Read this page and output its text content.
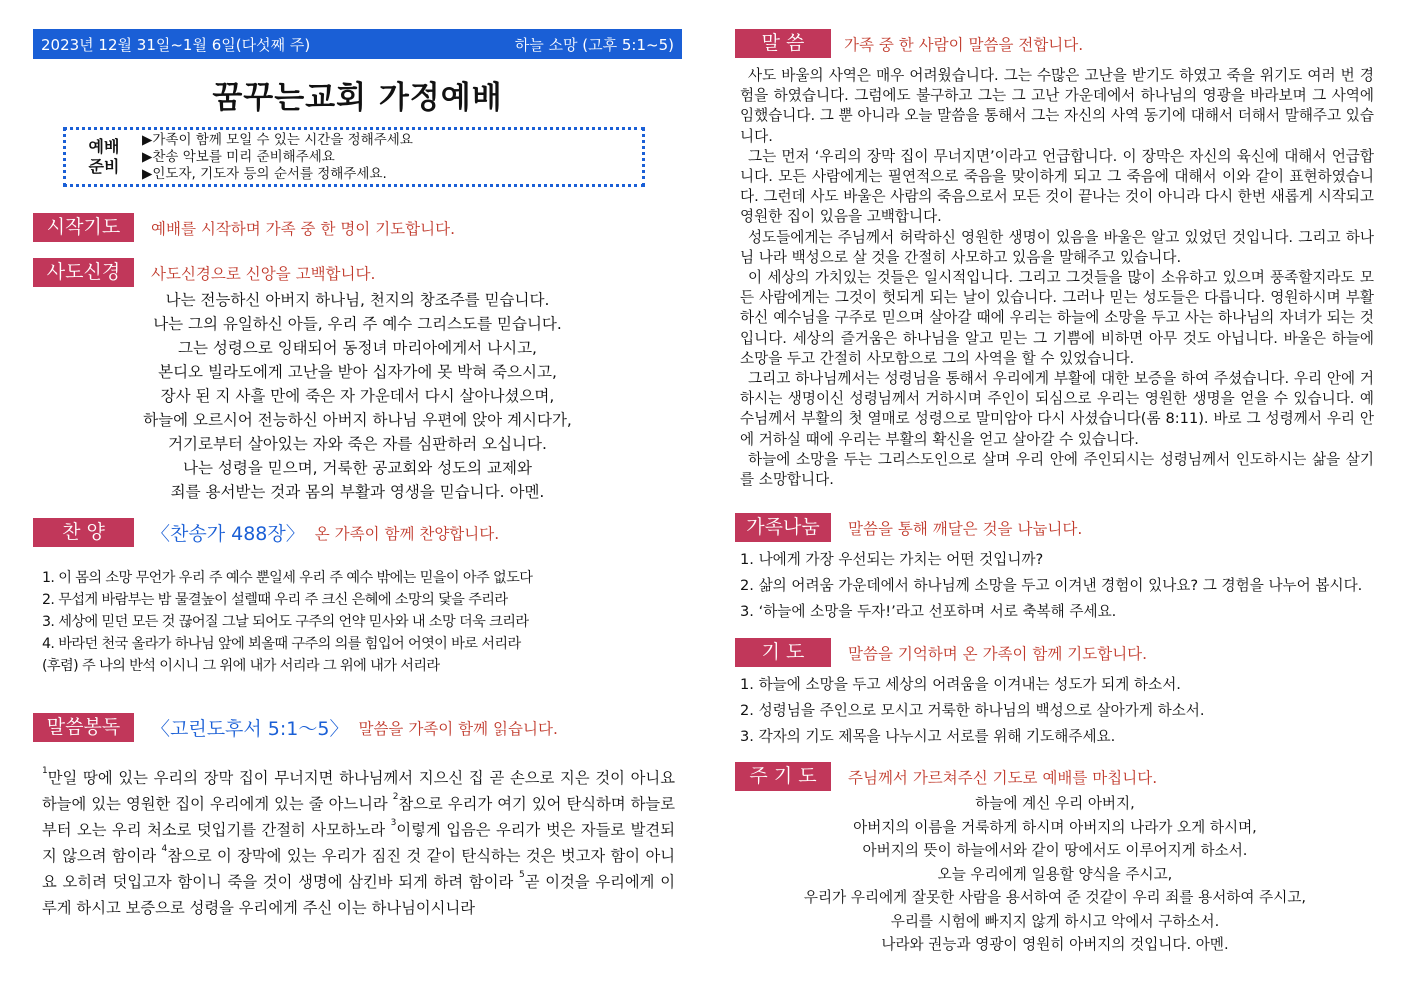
2023년 12월 31일~1월 6일(다섯째 주)	하늘 소망 (고후 5:1~5)
꿈꾸는교회 가정예배
예배
준비
▶가족이 함께 모일 수 있는 시간을 정해주세요
▶찬송 악보를 미리 준비해주세요
▶인도자, 기도자 등의 순서를 정해주세요.
시작기도	예배를 시작하며 가족 중 한 명이 기도합니다.
사도신경	사도신경으로 신앙을 고백합니다.
나는 전능하신 아버지 하나님, 천지의 창조주를 믿습니다.
나는 그의 유일하신 아들, 우리 주 예수 그리스도를 믿습니다.
그는 성령으로 잉태되어 동정녀 마리아에게서 나시고,
본디오 빌라도에게 고난을 받아 십자가에 못 박혀 죽으시고,
장사 된 지 사흘 만에 죽은 자 가운데서 다시 살아나셨으며,
하늘에 오르시어 전능하신 아버지 하나님 우편에 앉아 계시다가,
거기로부터 살아있는 자와 죽은 자를 심판하러 오십니다.
나는 성령을 믿으며, 거룩한 공교회와 성도의 교제와
죄를 용서받는 것과 몸의 부활과 영생을 믿습니다. 아멘.
찬 양	〈찬송가 488장〉 온 가족이 함께 찬양합니다.
1. 이 몸의 소망 무언가 우리 주 예수 뿐일세 우리 주 예수 밖에는 믿을이 아주 없도다
2. 무섭게 바람부는 밤 물결높이 설렐때 우리 주 크신 은혜에 소망의 닻을 주리라
3. 세상에 믿던 모든 것 끊어질 그날 되어도 구주의 언약 믿사와 내 소망 더욱 크리라
4. 바라던 천국 올라가 하나님 앞에 뵈올때 구주의 의를 힘입어 어엿이 바로 서리라
(후렴) 주 나의 반석 이시니 그 위에 내가 서리라 그 위에 내가 서리라
말씀봉독	〈고린도후서 5:1～5〉 말씀을 가족이 함께 읽습니다.
$^1$만일 땅에 있는 우리의 장막 집이 무너지면 하나님께서 지으신 집 곧 손으로 지은 것이 아니요 하늘에 있는 영원한 집이 우리에게 있는 줄 아느니라 $^2$참으로 우리가 여기 있어 탄식하며 하늘로부터 오는 우리 처소로 덧입기를 간절히 사모하노라 $^3$이렇게 입음은 우리가 벗은 자들로 발견되지 않으려 함이라 $^4$참으로 이 장막에 있는 우리가 짐진 것 같이 탄식하는 것은 벗고자 함이 아니요 오히려 덧입고자 함이니 죽을 것이 생명에 삼킨바 되게 하려 함이라 $^5$곧 이것을 우리에게 이루게 하시고 보증으로 성령을 우리에게 주신 이는 하나님이시니라
말 씀	가족 중 한 사람이 말씀을 전합니다.

사도 바울의 사역은 매우 어려웠습니다. 그는 수많은 고난을 받기도 하였고 죽을 위기도 여러 번 경험을 하였습니다. 그럼에도 불구하고 그는 그 고난 가운데에서 하나님의 영광을 바라보며 그 사역에 임했습니다. 그 뿐 아니라 오늘 말씀을 통해서 그는 자신의 사역 동기에 대해서 더해서 말해주고 있습니다.

그는 먼저 ‘우리의 장막 집이 무너지면’이라고 언급합니다. 이 장막은 자신의 육신에 대해서 언급합니다. 모든 사람에게는 필연적으로 죽음을 맞이하게 되고 그 죽음에 대해서 이와 같이 표현하였습니다. 그런데 사도 바울은 사람의 죽음으로서 모든 것이 끝나는 것이 아니라 다시 한번 새롭게 시작되고 영원한 집이 있음을 고백합니다.

성도들에게는 주님께서 허락하신 영원한 생명이 있음을 바울은 알고 있었던 것입니다. 그리고 하나님 나라 백성으로 살 것을 간절히 사모하고 있음을 말해주고 있습니다.

이 세상의 가치있는 것들은 일시적입니다. 그리고 그것들을 많이 소유하고 있으며 풍족할지라도 모든 사람에게는 그것이 헛되게 되는 날이 있습니다. 그러나 믿는 성도들은 다릅니다. 영원하시며 부활하신 예수님을 구주로 믿으며 살아갈 때에 우리는 하늘에 소망을 두고 사는 하나님의 자녀가 되는 것입니다. 세상의 즐거움은 하나님을 알고 믿는 그 기쁨에 비하면 아무 것도 아닙니다. 바울은 하늘에 소망을 두고 간절히 사모함으로 그의 사역을 할 수 있었습니다.

그리고 하나님께서는 성령님을 통해서 우리에게 부활에 대한 보증을 하여 주셨습니다. 우리 안에 거하시는 생명이신 성령님께서 거하시며 주인이 되심으로 우리는 영원한 생명을 얻을 수 있습니다. 예수님께서 부활의 첫 열매로 성령으로 말미암아 다시 사셨습니다(롬 8:11). 바로 그 성령께서 우리 안에 거하실 때에 우리는 부활의 확신을 얻고 살아갈 수 있습니다.

하늘에 소망을 두는 그리스도인으로 살며 우리 안에 주인되시는 성령님께서 인도하시는 삶을 살기를 소망합니다.

가족나눔	말씀을 통해 깨달은 것을 나눕니다.
1. 나에게 가장 우선되는 가치는 어떤 것입니까?
2. 삶의 어려움 가운데에서 하나님께 소망을 두고 이겨낸 경험이 있나요? 그 경험을 나누어 봅시다.
3. ‘하늘에 소망을 두자!’라고 선포하며 서로 축복해 주세요.
기 도	말씀을 기억하며 온 가족이 함께 기도합니다.
1. 하늘에 소망을 두고 세상의 어려움을 이겨내는 성도가 되게 하소서.
2. 성령님을 주인으로 모시고 거룩한 하나님의 백성으로 살아가게 하소서.
3. 각자의 기도 제목을 나누시고 서로를 위해 기도해주세요.
주 기 도	주님께서 가르쳐주신 기도로 예배를 마칩니다.
하늘에 계신 우리 아버지,
아버지의 이름을 거룩하게 하시며 아버지의 나라가 오게 하시며,
아버지의 뜻이 하늘에서와 같이 땅에서도 이루어지게 하소서.
오늘 우리에게 일용할 양식을 주시고,
우리가 우리에게 잘못한 사람을 용서하여 준 것같이 우리 죄를 용서하여 주시고,
우리를 시험에 빠지지 않게 하시고 악에서 구하소서.
나라와 권능과 영광이 영원히 아버지의 것입니다. 아멘.
